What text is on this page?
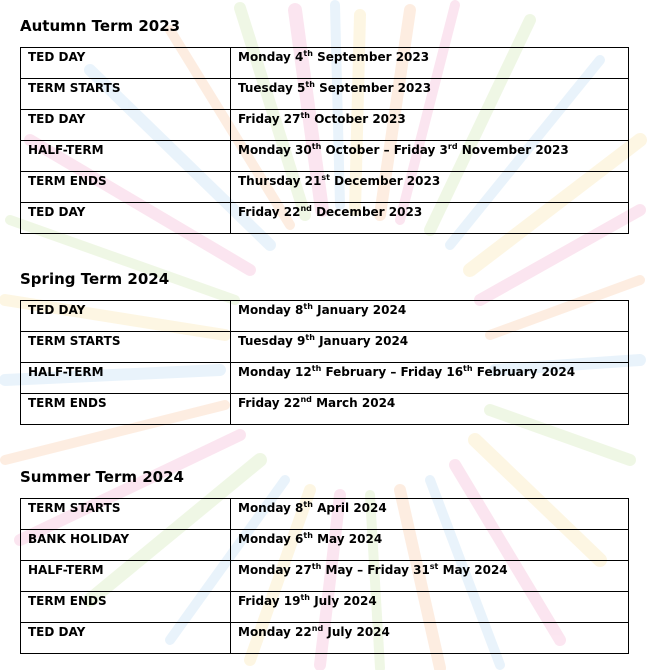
Autumn Term 2023
TED DAY	Monday 4th September 2023
TERM STARTS	Tuesday 5th September 2023
TED DAY	Friday 27th October 2023
HALF-TERM	Monday 30th October – Friday 3rd November 2023
TERM ENDS	Thursday 21st December 2023
TED DAY	Friday 22nd December 2023
Spring Term 2024
TED DAY	Monday 8th January 2024
TERM STARTS	Tuesday 9th January 2024
HALF-TERM	Monday 12th February – Friday 16th February 2024
TERM ENDS	Friday 22nd March 2024
Summer Term 2024
TERM STARTS	Monday 8th April 2024
BANK HOLIDAY	Monday 6th May 2024
HALF-TERM	Monday 27th May – Friday 31st May 2024
TERM ENDS	Friday 19th July 2024
TED DAY	Monday 22nd July 2024
